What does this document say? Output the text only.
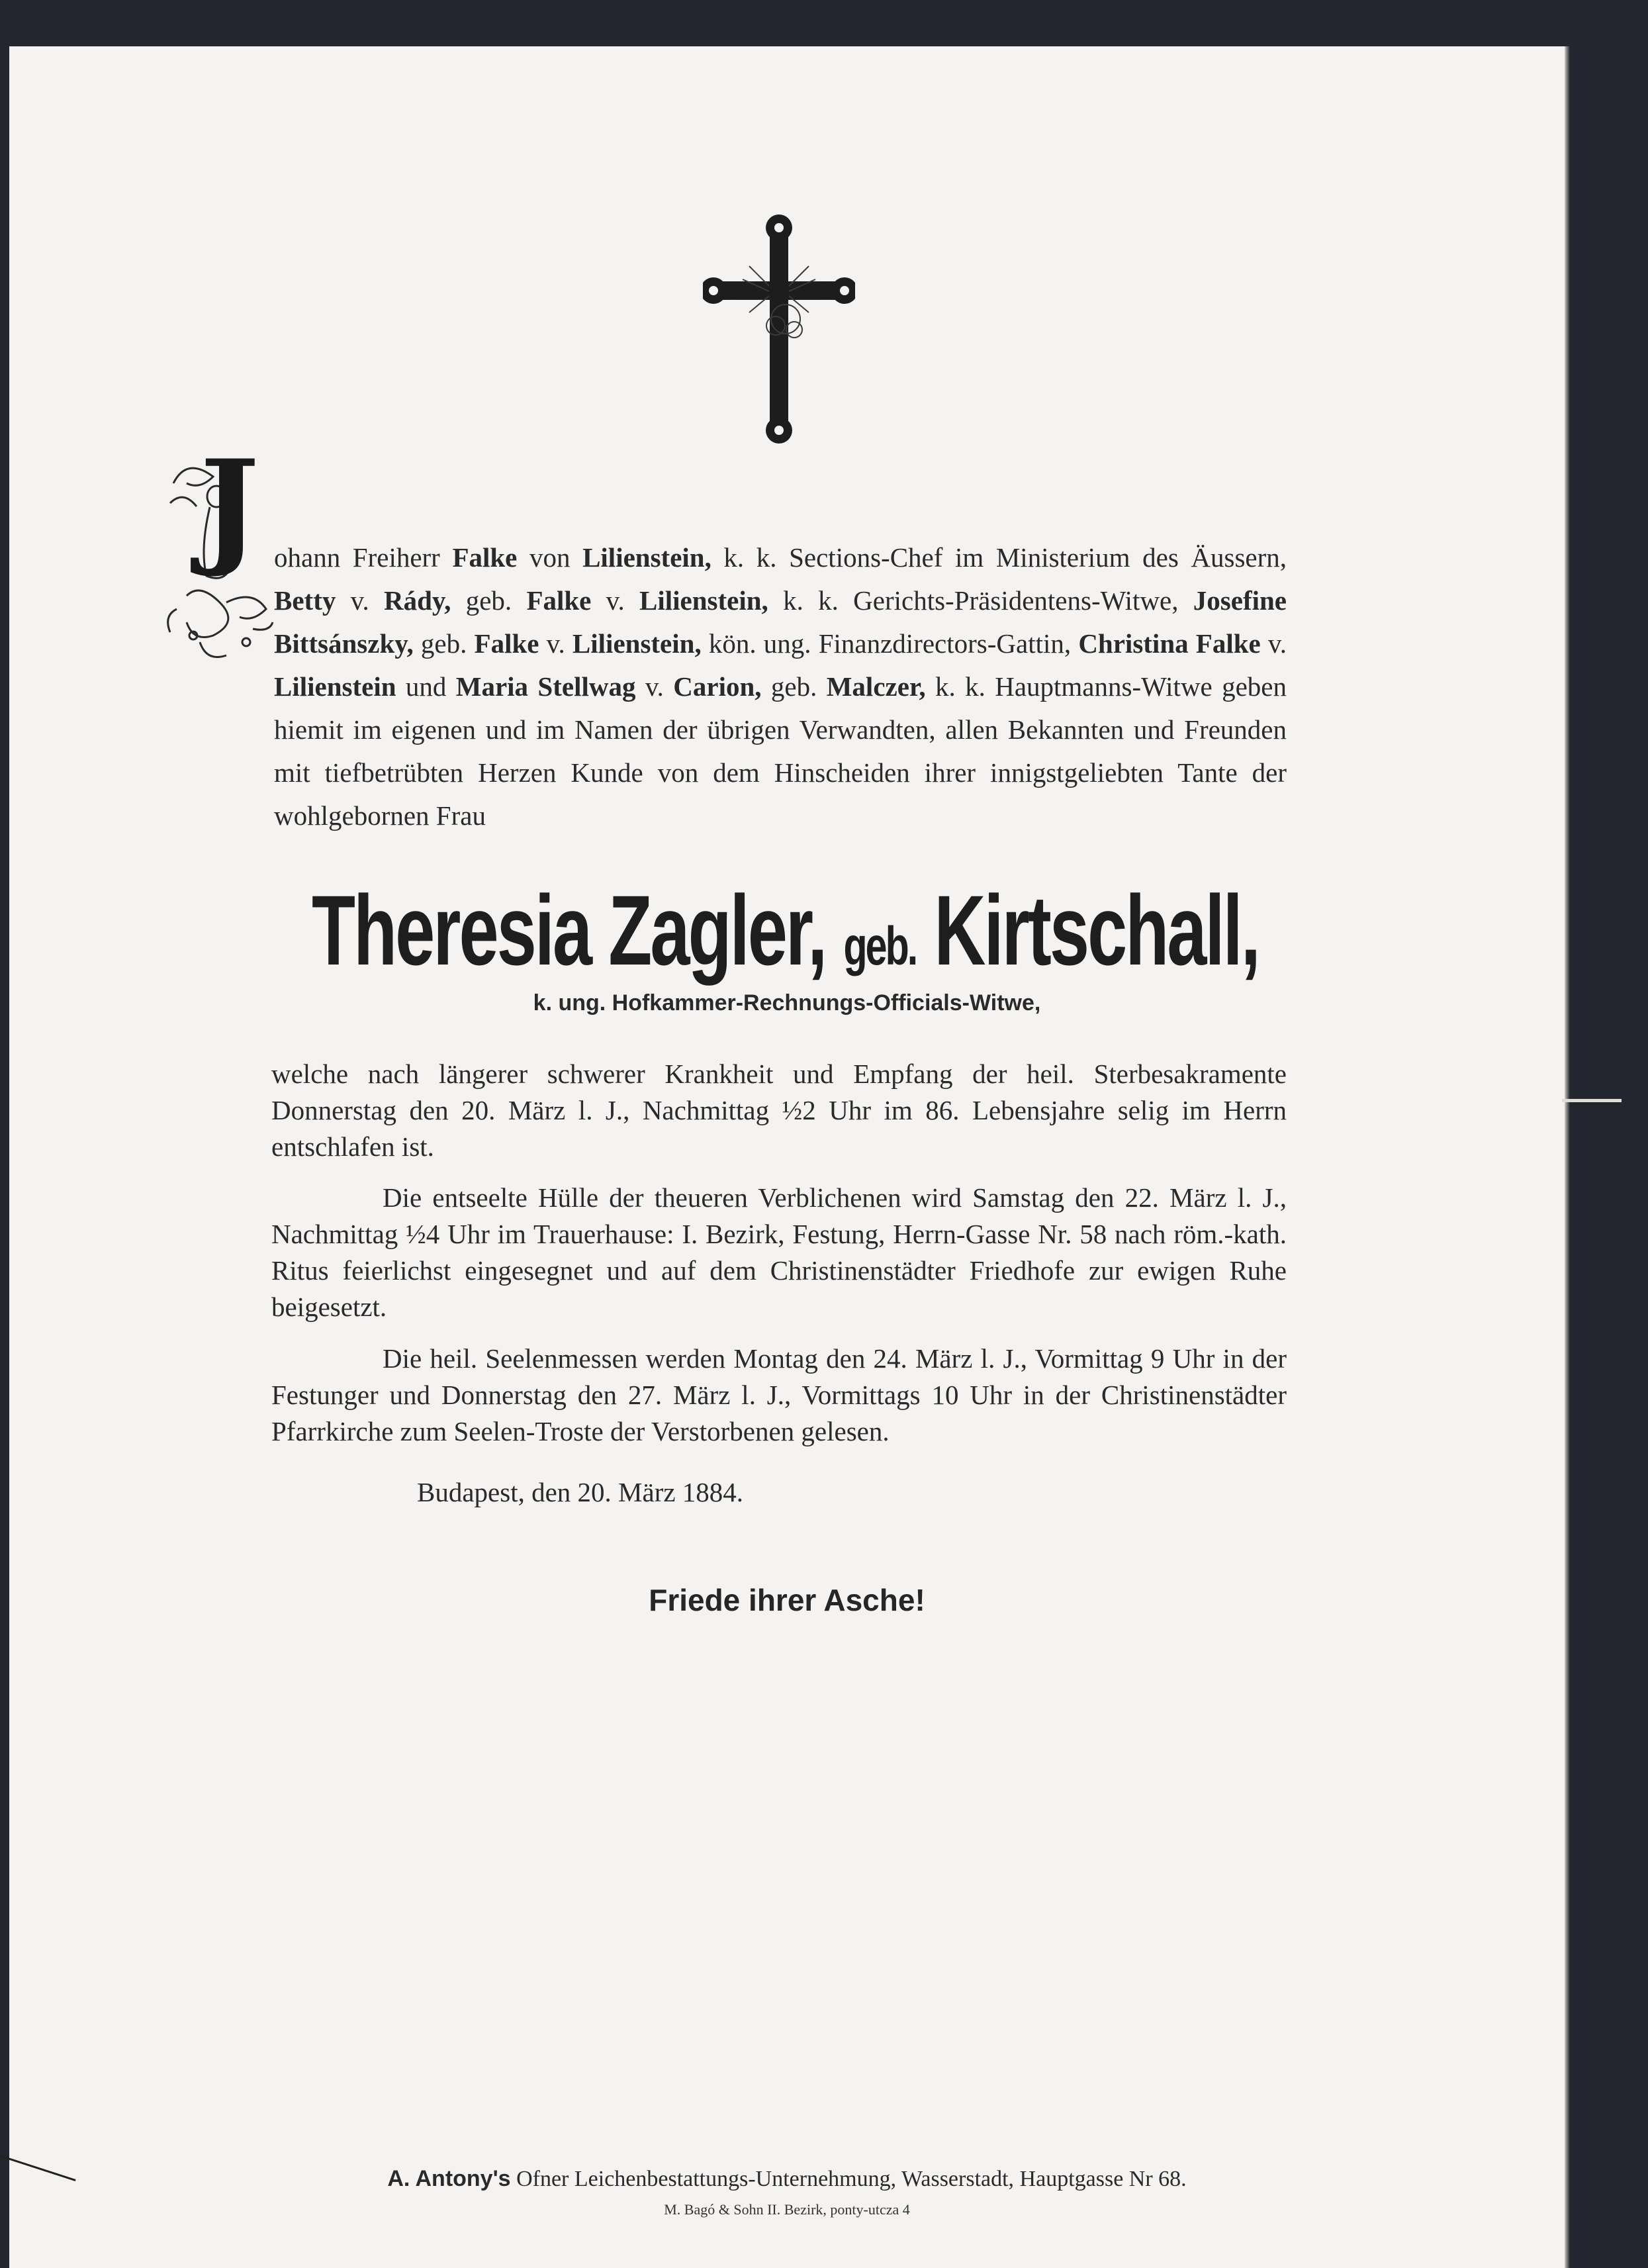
J ohann Freiherr Falke von Lilienstein, k. k. Sections-Chef im Ministerium des Äussern, Betty v. Rády, geb. Falke v. Lilienstein, k. k. Gerichts-Präsidentens-Witwe, Josefine Bittsánszky, geb. Falke v. Lilienstein, kön. ung. Finanzdirectors-Gattin, Christina Falke v. Lilienstein und Maria Stellwag v. Carion, geb. Malczer, k. k. Hauptmanns-Witwe geben hiemit im eigenen und im Namen der übrigen Verwandten, allen Bekannten und Freunden mit tiefbetrübten Herzen Kunde von dem Hinscheiden ihrer innigstgeliebten Tante der wohlgebornen Frau

Theresia Zagler, geb. Kirtschall,
k. ung. Hofkammer-Rechnungs-Officials-Witwe,

welche nach längerer schwerer Krankheit und Empfang der heil. Sterbesakramente Donnerstag den 20. März l. J., Nachmittag ½2 Uhr im 86. Lebensjahre selig im Herrn entschlafen ist.

Die entseelte Hülle der theueren Verblichenen wird Samstag den 22. März l. J., Nachmittag ½4 Uhr im Trauerhause: I. Bezirk, Festung, Herrn-Gasse Nr. 58 nach röm.-kath. Ritus feierlichst eingesegnet und auf dem Christinenstädter Friedhofe zur ewigen Ruhe beigesetzt.

Die heil. Seelenmessen werden Montag den 24. März l. J., Vormittag 9 Uhr in der Festunger und Donnerstag den 27. März l. J., Vormittags 10 Uhr in der Christinenstädter Pfarrkirche zum Seelen-Troste der Verstorbenen gelesen.

Budapest, den 20. März 1884.
Friede ihrer Asche!
A. Antony's Ofner Leichenbestattungs-Unternehmung, Wasserstadt, Hauptgasse Nr 68.
M. Bagó & Sohn II. Bezirk, ponty-utcza 4
